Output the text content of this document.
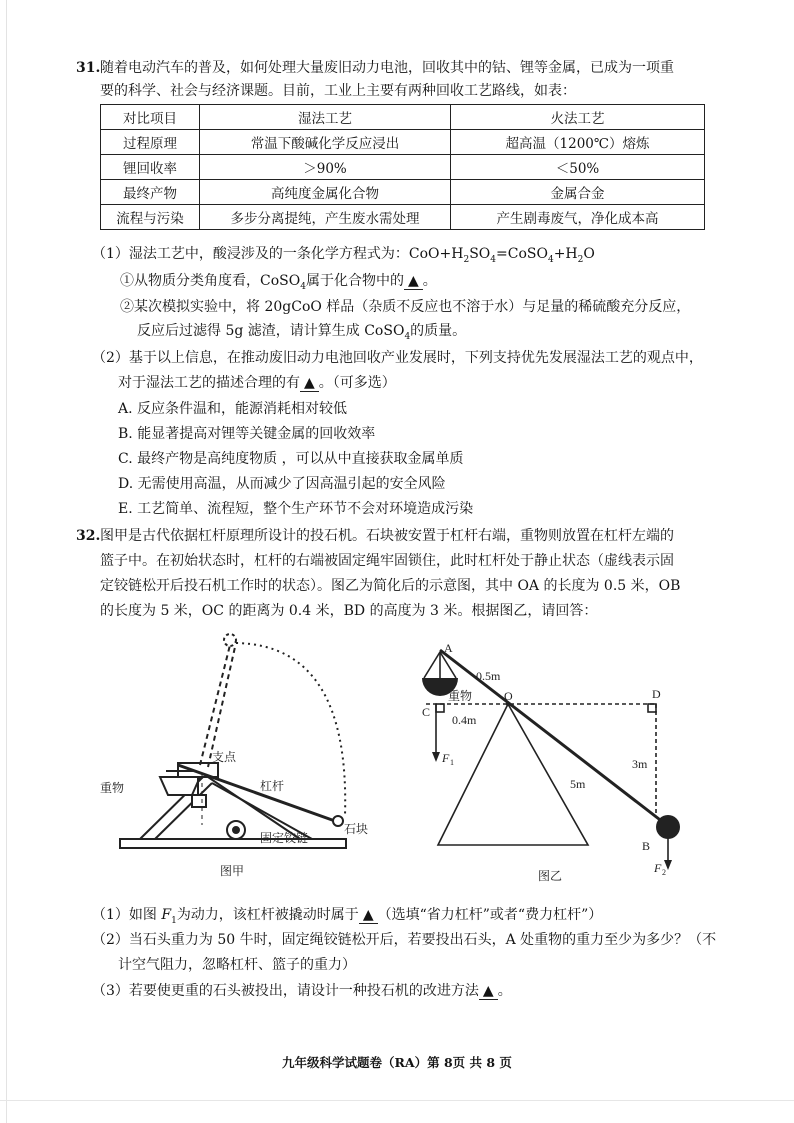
31. 随着电动汽车的普及，如何处理大量废旧动力电池，回收其中的钴、锂等金属，已成为一项重
要的科学、社会与经济课题。目前，工业上主要有两种回收工艺路线，如表：
对比项目	湿法工艺	火法工艺
过程原理	常温下酸碱化学反应浸出	超高温（1200℃）熔炼
锂回收率	＞90%	＜50%
最终产物	高纯度金属化合物	金属合金
流程与污染	多步分离提纯，产生废水需处理	产生剧毒废气，净化成本高
（1）湿法工艺中，酸浸涉及的一条化学方程式为：$CoO+H_2SO_4=CoSO_4+H_2O$
①从物质分类角度看，CoSO$_4$属于化合物中的 ▲ 。
②某次模拟实验中，将 20gCoO 样品（杂质不反应也不溶于水）与足量的稀硫酸充分反应，
反应后过滤得 5g 滤渣，请计算生成 CoSO$_4$的质量。
（2）基于以上信息，在推动废旧动力电池回收产业发展时，下列支持优先发展湿法工艺的观点中，
对于湿法工艺的描述合理的有 ▲ 。（可多选）
A. 反应条件温和，能源消耗相对较低
B. 能显著提高对锂等关键金属的回收效率
C. 最终产物是高纯度物质 ，可以从中直接获取金属单质
D. 无需使用高温，从而减少了因高温引起的安全风险
E. 工艺简单、流程短，整个生产环节不会对环境造成污染
32. 图甲是古代依据杠杆原理所设计的投石机。石块被安置于杠杆右端，重物则放置在杠杆左端的
篮子中。在初始状态时，杠杆的右端被固定绳牢固锁住，此时杠杆处于静止状态（虚线表示固
定铰链松开后投石机工作时的状态）。图乙为简化后的示意图，其中 OA 的长度为 0.5 米，OB
的长度为 5 米，OC 的距离为 0.4 米，BD 的高度为 3 米。根据图乙，请回答：
支点
重物	杠杆
石块
固定铰链
图甲
A
0.5m
重物	O
C
0.4m
D
3m
5m
B
F 1
F 2
图乙
（1）如图 $F_1$为动力，该杠杆被撬动时属于 ▲ （选填“省力杠杆”或者“费力杠杆”）
（2）当石头重力为 50 牛时，固定绳铰链松开后，若要投出石头，A 处重物的重力至少为多少？（不
计空气阻力，忽略杠杆、篮子的重力）
（3）若要使更重的石头被投出，请设计一种投石机的改进方法 ▲ 。
九年级科学试题卷（RA）第 8页 共 8 页
